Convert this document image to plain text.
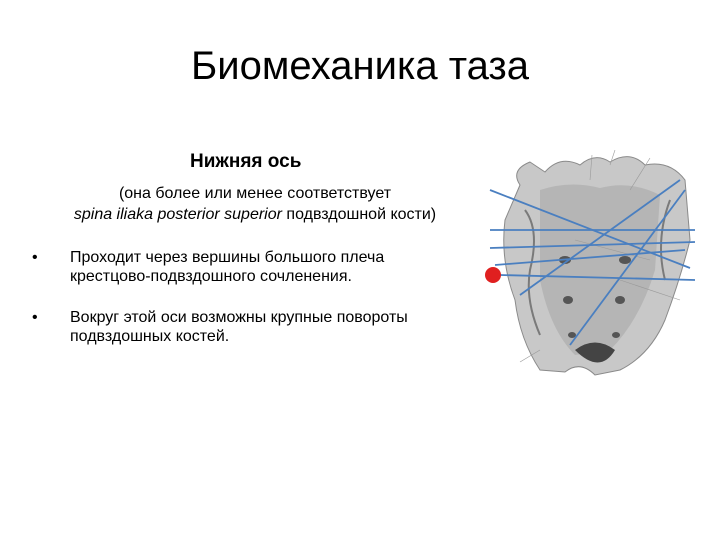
Биомеханика таза
Нижняя ось
(она более или менее соответствует
spina iliaka posterior superior подвздошной кости)
• Проходит через вершины большого плеча крестцово-подвздошного сочленения.
• Вокруг этой оси возможны крупные повороты подвздошных костей.
